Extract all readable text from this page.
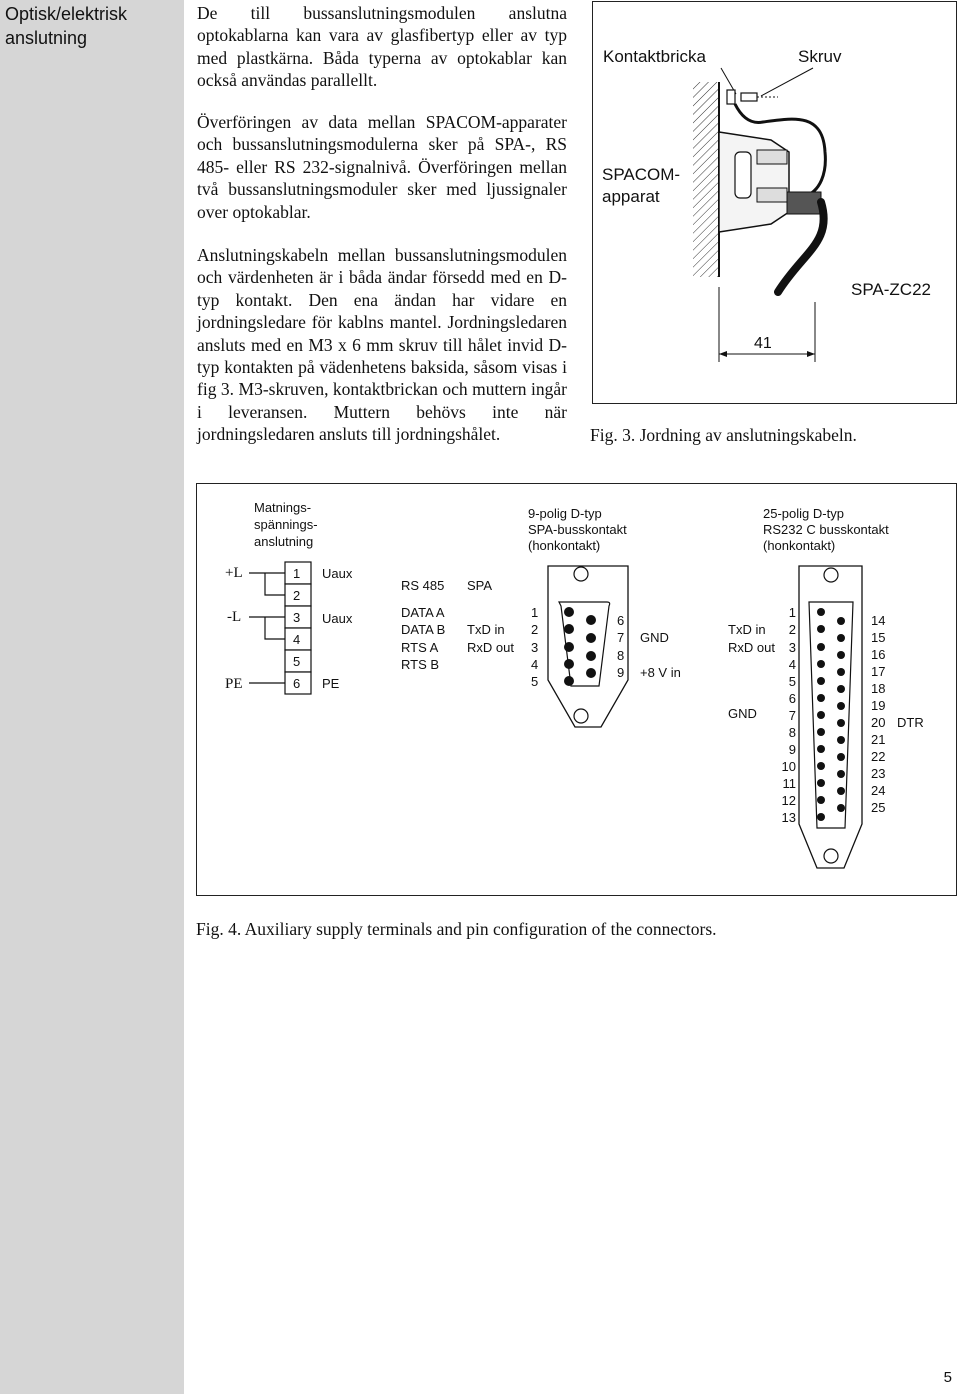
Optisk/elektrisk anslutning

De till bussanslutningsmodulen anslutna optokablarna kan vara av glasfibertyp eller av typ med plastkärna. Båda typerna av optokablar kan också användas parallellt.

Överföringen av data mellan SPACOM-apparater och bussanslutningsmodulerna sker på SPA-, RS 485- eller RS 232-signalnivå. Överföringen mellan två bussanslutningsmoduler sker med ljussignaler over optokablar.

Anslutningskabeln mellan bussanslutningsmodulen och värdenheten är i båda ändar försedd med en D-typ kontakt. Den ena ändan har vidare en jordningsledare för kablns mantel. Jordningsledaren ansluts med en M3 x 6 mm skruv till hålet invid D-typ kontakten på vädenhetens baksida, såsom visas i fig 3. M3-skruven, kontaktbrickan och muttern ingår i leveransen. Muttern behövs inte när jordningsledaren ansluts till jordningshålet.

Kontaktbricka	Skruv
SPACOM-
apparat
SPA-ZC22
41
Fig. 3. Jordning av anslutningskabeln.
Matnings-
spännings-
anslutning
+L
-L
PE
1
2
3
4
5
6
Uaux
Uaux
PE
RS 485 SPA
DATA A
DATA B
RTS A
RTS B
TxD in
RxD out
9-polig D-typ
SPA-busskontakt
(honkontakt)
1
2
3
4
5
6
7
8
9
GND
+8 V in
25-polig D-typ
RS232 C busskontakt
(honkontakt)
TxD in
RxD out
GND
1
2
3
4
5
6
7
8
9
10
11
12
13
14
15
16
17
18
19
20
21
22
23
24
25
DTR
Fig. 4. Auxiliary supply terminals and pin configuration of the connectors.
5
